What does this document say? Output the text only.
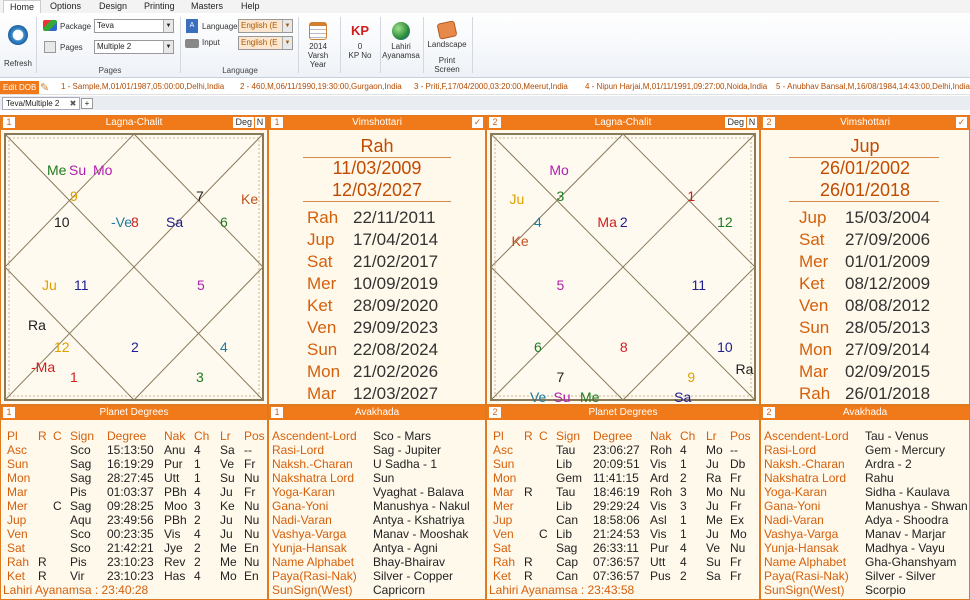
Home	Options Design Printing Masters Help
Refresh
Package Teva	▼
Pages	Multiple 2	▼
Pages
A Language English (E	▼
Input	English (E	▼
Language
2014
Varsh Year
KP
0
KP No
Lahiri
Ayanamsa
Landscape
Print Screen
Edit DOB ✎ 1 - Sample,M,01/01/1987,05:00:00,Delhi,India 2 - 460,M,06/11/1990,19:30:00,Gurgaon,India 3 - Priti,F,17/04/2000,03:20:00,Meerut,India 4 - Nipun Harjai,M,01/11/1991,09:27:00,Noida,India 5 - Anubhav Bansal,M,16/08/1984,14:43:00,Delhi,India
Teva/Multiple 2 ✖	+
1	Lagna-Chalit	Deg N
Me Su Mo
9	7	Ke
10	-Ve
8 Sa	6
Ju 11	5
Ra
12	2	4
-Ma
1	3
1	Vimshottari	✓
Rah
11/03/2009
12/03/2027
Rah 22/11/2011
Jup 17/04/2014
Sat 21/02/2017
Mer 10/09/2019
Ket 28/09/2020
Ven 29/09/2023
Sun 22/08/2024
Mon 21/02/2026
Mar 12/03/2027
2	Lagna-Chalit	Deg N
Mo
Ju 3	1
4	Ma 2	12
Ke
5	11
6	8	10
Ra
7	9
Ve Su Me	Sa
2	Vimshottari	✓
Jup
26/01/2002
26/01/2018
Jup 15/03/2004
Sat 27/09/2006
Mer 01/01/2009
Ket 08/12/2009
Ven 08/08/2012
Sun 28/05/2013
Mon 27/09/2014
Mar 02/09/2015
Rah 26/01/2018
1	Planet Degrees
Pl R C Sign Degree Nak Ch Lr Pos
Asc	Sco 15:13:50 Anu 4 Sa --
Sun	Sag 16:19:29 Pur 1 Ve Fr
Mon	Sag 28:27:45 Utt 1 Su Nu
Mar	Pis 01:03:37 PBh 4 Ju Fr
Mer C Sag 09:28:25 Moo 3 Ke Nu
Jup	Aqu 23:49:56 PBh 2 Ju Nu
Ven	Sco 00:23:35 Vis 4 Ju Nu
Sat	Sco 21:42:21 Jye 2 Me En
Rah R Pis 23:10:23 Rev 2 Me Nu
Ket R Vir 23:10:23 Has 4 Mo En
Lahiri Ayanamsa : 23:40:28
1	Avakhada
Ascendent-Lord Sco - Mars
Rasi-Lord	Sag - Jupiter
Naksh.-Charan U Sadha - 1
Nakshatra Lord Sun
Yoga-Karan	Vyaghat - Balava
Gana-Yoni	Manushya - Nakul
Nadi-Varan	Antya - Kshatriya
Vashya-Varga Manav - Mooshak
Yunja-Hansak Antya - Agni
Name Alphabet Bhay-Bhairav
Paya(Rasi-Nak) Silver - Copper
SunSign(West) Capricorn
2	Planet Degrees
Pl R C Sign Degree Nak Ch Lr Pos
Asc	Tau 23:06:27 Roh 4 Mo --
Sun	Lib 20:09:51 Vis 1 Ju Db
Mon	Gem 11:41:15 Ard 2 Ra Fr
Mar R Tau 18:46:19 Roh 3 Mo Nu
Mer	Lib 29:29:24 Vis 3 Ju Fr
Jup	Can 18:58:06 Asl 1 Me Ex
Ven C Lib 21:24:53 Vis 1 Ju Mo
Sat	Sag 26:33:11 Pur 4 Ve Nu
Rah R Cap 07:36:57 Utt 4 Su Fr
Ket R Can 07:36:57 Pus 2 Sa Fr
Lahiri Ayanamsa : 23:43:58
2	Avakhada
Ascendent-Lord Tau - Venus
Rasi-Lord	Gem - Mercury
Naksh.-Charan Ardra - 2
Nakshatra Lord Rahu
Yoga-Karan	Sidha - Kaulava
Gana-Yoni	Manushya - Shwan
Nadi-Varan	Adya - Shoodra
Vashya-Varga Manav - Marjar
Yunja-Hansak Madhya - Vayu
Name Alphabet Gha-Ghanshyam
Paya(Rasi-Nak) Silver - Silver
SunSign(West) Scorpio
